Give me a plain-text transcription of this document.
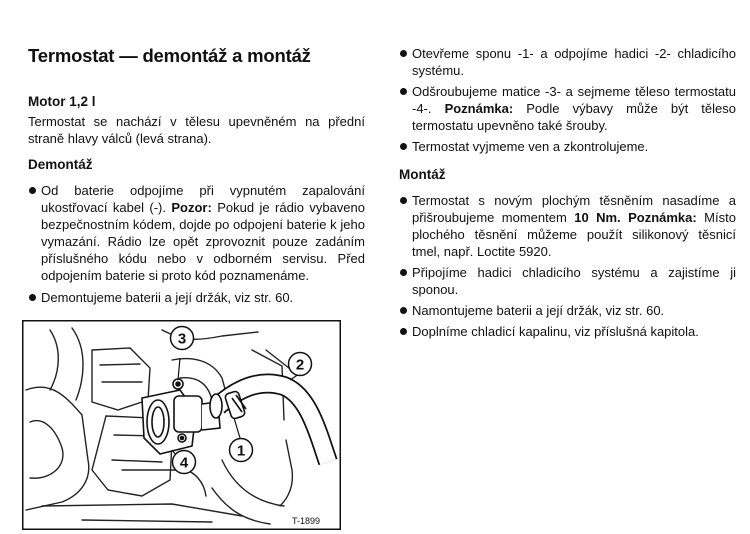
Termostat — demontáž a montáž
Motor 1,2 l
Termostat se nachází v tělesu upevněném na přední straně hlavy válců (levá strana).
Demontáž
Od baterie odpojíme při vypnutém zapalování ukostřovací kabel (-). Pozor: Pokud je rádio vybaveno bezpečnostním kódem, dojde po odpojení baterie k jeho vymazání. Rádio lze opět zprovoznit pouze zadáním příslušného kódu nebo v odborném servisu. Před odpojením baterie si proto kód poznamenáme.
Demontujeme baterii a její držák, viz str. 60.
3
1
2
4
T-1899
Otevřeme sponu -1- a odpojíme hadici -2- chladicího systému.
Odšroubujeme matice -3- a sejmeme těleso termostatu -4-. Poznámka: Podle výbavy může být těleso termostatu upevněno také šrouby.
Termostat vyjmeme ven a zkontrolujeme.
Montáž
Termostat s novým plochým těsněním nasadíme a přišroubujeme momentem 10 Nm. Poznámka: Místo plochého těsnění můžeme použít silikonový těsnicí tmel, např. Loctite 5920.
Připojíme hadici chladicího systému a zajistíme ji sponou.
Namontujeme baterii a její držák, viz str. 60.
Doplníme chladicí kapalinu, viz příslušná kapitola.
